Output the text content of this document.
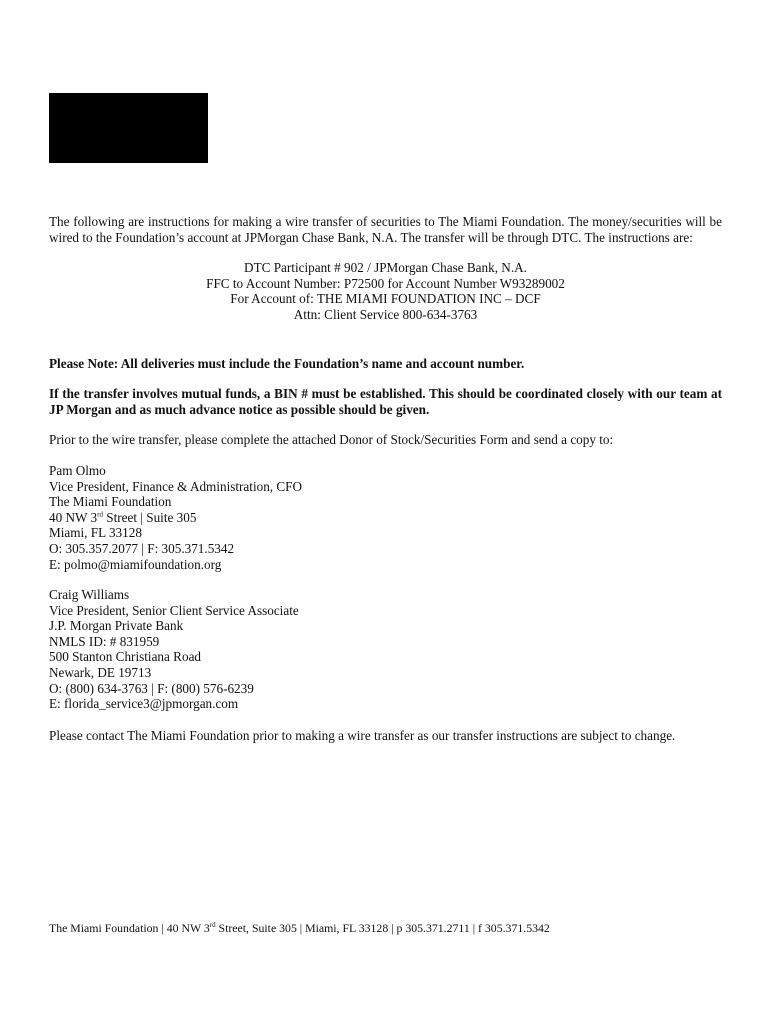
The following are instructions for making a wire transfer of securities to The Miami Foundation. The money/securities will be wired to the Foundation’s account at JPMorgan Chase Bank, N.A. The transfer will be through DTC. The instructions are:

DTC Participant # 902 / JPMorgan Chase Bank, N.A.
FFC to Account Number: P72500 for Account Number W93289002
For Account of: THE MIAMI FOUNDATION INC – DCF
Attn: Client Service 800-634-3763

Please Note: All deliveries must include the Foundation’s name and account number.

If the transfer involves mutual funds, a BIN # must be established. This should be coordinated closely with our team at JP Morgan and as much advance notice as possible should be given.

Prior to the wire transfer, please complete the attached Donor of Stock/Securities Form and send a copy to:

Pam Olmo
Vice President, Finance & Administration, CFO
The Miami Foundation
40 NW 3rd Street | Suite 305
Miami, FL 33128
O: 305.357.2077 | F: 305.371.5342
E: polmo@miamifoundation.org
Craig Williams
Vice President, Senior Client Service Associate
J.P. Morgan Private Bank
NMLS ID: # 831959
500 Stanton Christiana Road
Newark, DE 19713
O: (800) 634-3763 | F: (800) 576-6239
E: florida_service3@jpmorgan.com

Please contact The Miami Foundation prior to making a wire transfer as our transfer instructions are subject to change.

The Miami Foundation | 40 NW 3rd Street, Suite 305 | Miami, FL 33128 | p 305.371.2711 | f 305.371.5342
